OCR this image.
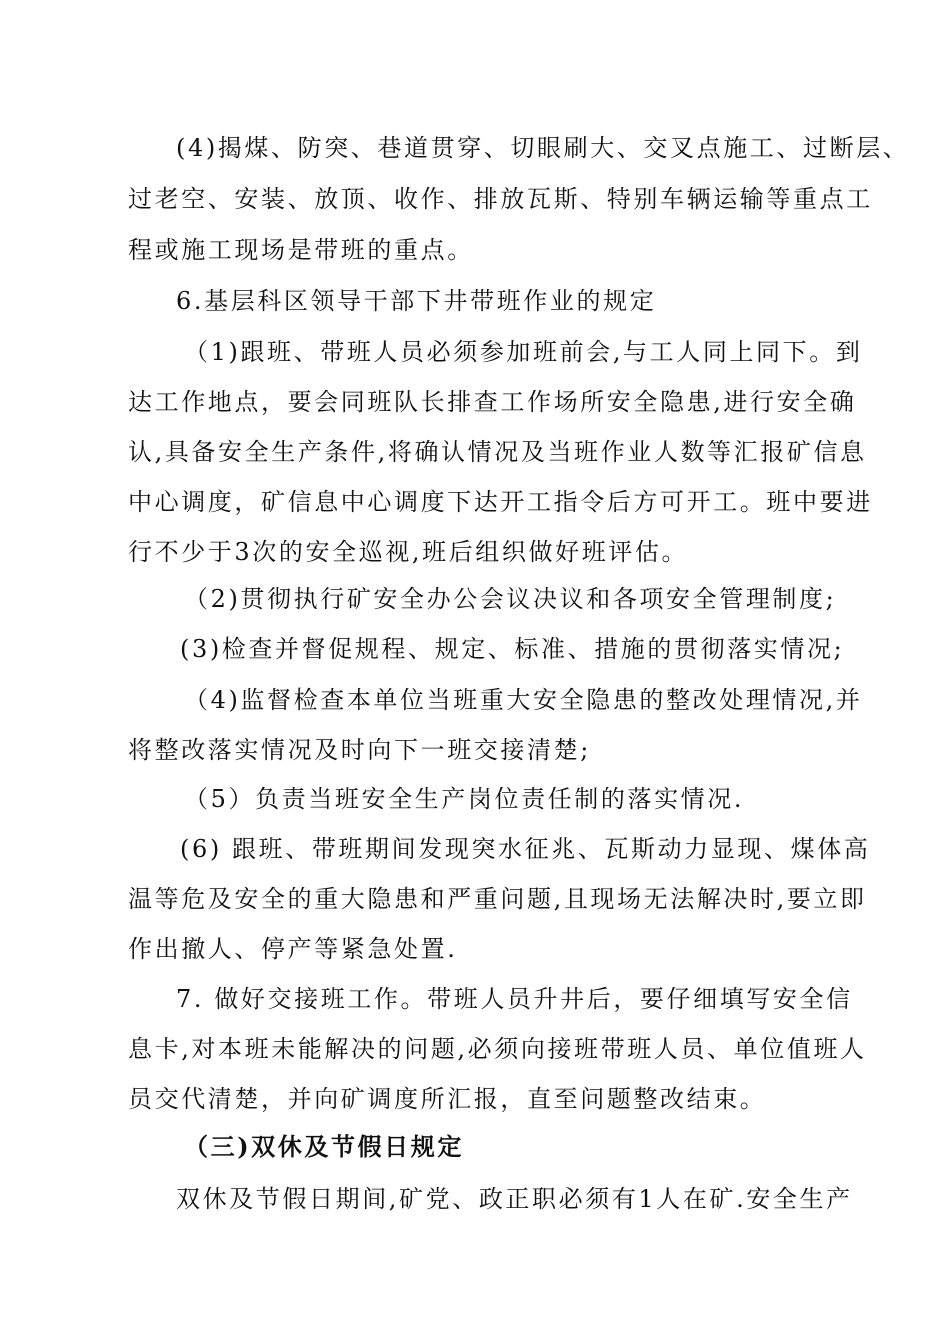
(4)揭煤、防突、巷道贯穿、切眼刷大、交叉点施工、过断层、

过老空、安装、放顶、收作、排放瓦斯、特别车辆运输等重点工

程或施工现场是带班的重点。

6.基层科区领导干部下井带班作业的规定

（1)跟班、带班人员必须参加班前会,与工人同上同下。到

达工作地点，要会同班队长排查工作场所安全隐患,进行安全确

认,具备安全生产条件,将确认情况及当班作业人数等汇报矿信息

中心调度，矿信息中心调度下达开工指令后方可开工。班中要进

行不少于3次的安全巡视,班后组织做好班评估。

（2)贯彻执行矿安全办公会议决议和各项安全管理制度;

(3)检查并督促规程、规定、标准、措施的贯彻落实情况;

（4)监督检查本单位当班重大安全隐患的整改处理情况,并

将整改落实情况及时向下一班交接清楚;

（5）负责当班安全生产岗位责任制的落实情况.

(6) 跟班、带班期间发现突水征兆、瓦斯动力显现、煤体高

温等危及安全的重大隐患和严重问题,且现场无法解决时,要立即

作出撤人、停产等紧急处置.

7. 做好交接班工作。带班人员升井后，要仔细填写安全信

息卡,对本班未能解决的问题,必须向接班带班人员、单位值班人

员交代清楚，并向矿调度所汇报，直至问题整改结束。

（三)双休及节假日规定

双休及节假日期间,矿党、政正职必须有1人在矿.安全生产
